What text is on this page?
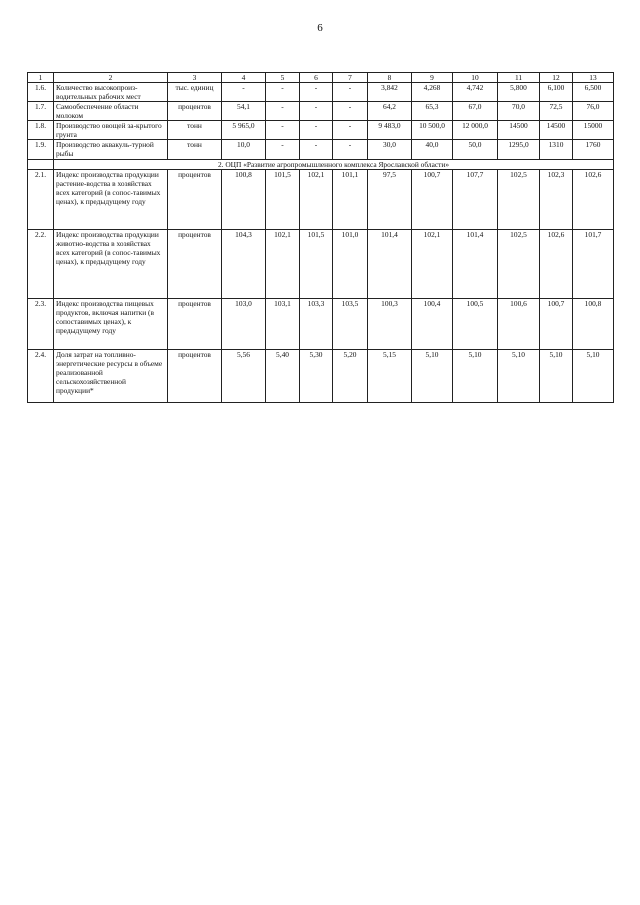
6
1	2	3	4	5	6	7	8	9	10	11	12	13
1.6.	Количество высокопроиз-водительных рабочих мест	тыс. единиц	-	-	-	-	3,842	4,268	4,742	5,800	6,100	6,500
1.7.	Самообеспечение области молоком	процентов	54,1	-	-	-	64,2	65,3	67,0	70,0	72,5	76,0
1.8.	Производство овощей за-крытого грунта	тонн	5 965,0	-	-	-	9 483,0	10 500,0	12 000,0	14500	14500	15000
1.9.	Производство аквакуль-турной рыбы	тонн	10,0	-	-	-	30,0	40,0	50,0	1295,0	1310	1760
	2. ОЦП «Развитие агропромышленного комплекса Ярославской области»											
2.1.	Индекс производства продукции растение-водства в хозяйствах всех категорий (в сопос-тавимых ценах), к предыдущему году	процентов	100,8	101,5	102,1	101,1	97,5	100,7	107,7	102,5	102,3	102,6
2.2.	Индекс производства продукции животно-водства в хозяйствах всех категорий (в сопос-тавимых ценах), к предыдущему году	процентов	104,3	102,1	101,5	101,0	101,4	102,1	101,4	102,5	102,6	101,7
2.3.	Индекс производства пищевых продуктов, включая напитки (в сопоставимых ценах), к предыдущему году	процентов	103,0	103,1	103,3	103,5	100,3	100,4	100,5	100,6	100,7	100,8
2.4.	Доля затрат на топливно-энергетические ресурсы в объеме реализованной сельскохозяйственной продукции*	процентов	5,56	5,40	5,30	5,20	5,15	5,10	5,10	5,10	5,10	5,10
